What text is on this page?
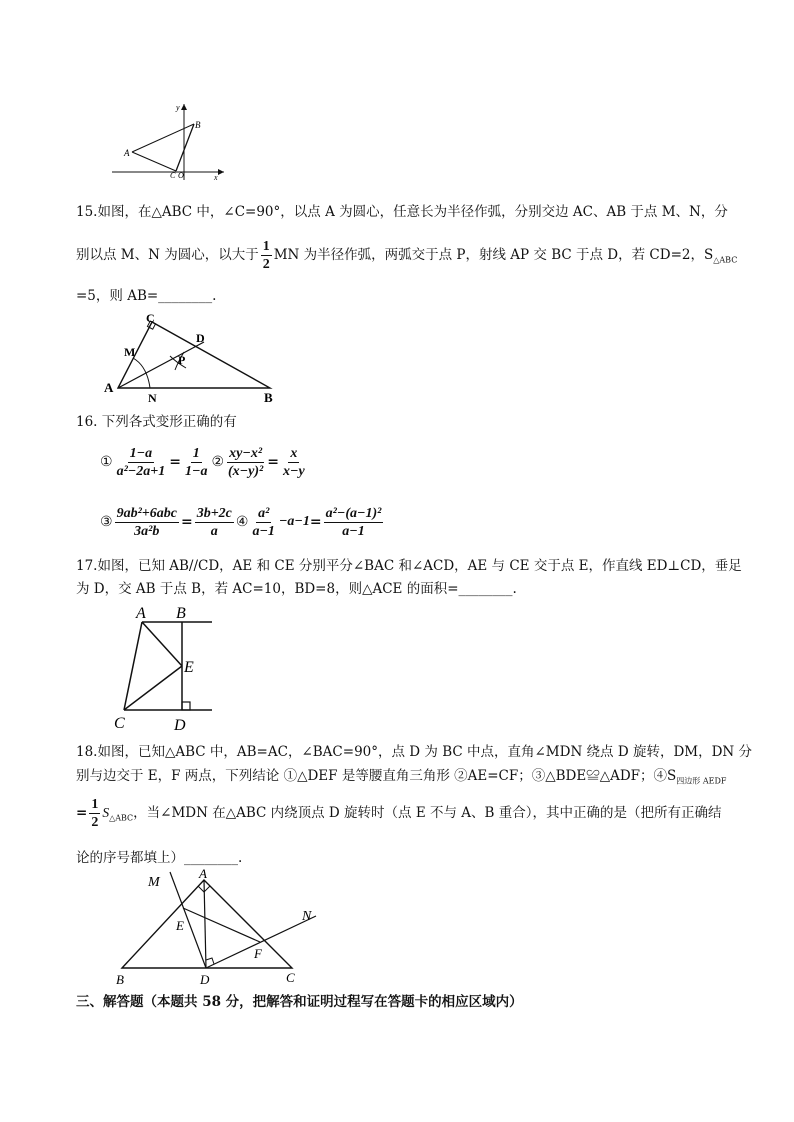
A
B
C O	x
y
15.如图，在△ABC 中，∠C=90°，以点 A 为圆心，任意长为半径作弧，分别交边 AC、AB 于点 M、N，分
别以点 M、N 为圆心，以大于 $\frac{1}{2}$ MN 为半径作弧，两弧交于点 P，射线 AP 交 BC 于点 D，若 CD=2，$S_{\triangle ABC}$
=5，则 AB=________.
A
B
C
D
M
N
P
16. 下列各式变形正确的有
① $\frac{1-a}{\text{a²−2a+1}} = \frac{1}{1-a}$ ② $\frac{\text{xy−x²}}{\text{(x−y)²}} = \frac{x}{x-y}$
③ $\frac{\text{9ab²+6abc}}{\text{3a²b}} = \frac{3b+2c}{a}$ ④ $\frac{\text{a²}}{a-1} -a-1 = \frac{\text{a²−(a−1)²}}{a-1}$
17.如图，已知 AB//CD，AE 和 CE 分别平分∠BAC 和∠ACD，AE 与 CE 交于点 E，作直线 ED⊥CD，垂足
为 D，交 AB 于点 B，若 AC=10，BD=8，则△ACE 的面积=________.
A B
C	D
E
18.如图，已知△ABC 中，AB=AC，∠BAC=90°，点 D 为 BC 中点，直角∠MDN 绕点 D 旋转，DM，DN 分
别与边交于 E，F 两点，下列结论 ①△DEF 是等腰直角三角形 ②AE=CF；③△BDE≌△ADF；$④S_{四边形 AEDF}$
= $\frac{1}{2} S_{\triangle ABC}$，当∠MDN 在△ABC 内绕顶点 D 旋转时（点 E 不与 A、B 重合），其中正确的是（把所有正确结
论的序号都填上）________.
M
A
E
N
F
B	D	C
三、解答题（本题共 58 分，把解答和证明过程写在答题卡的相应区域内）
